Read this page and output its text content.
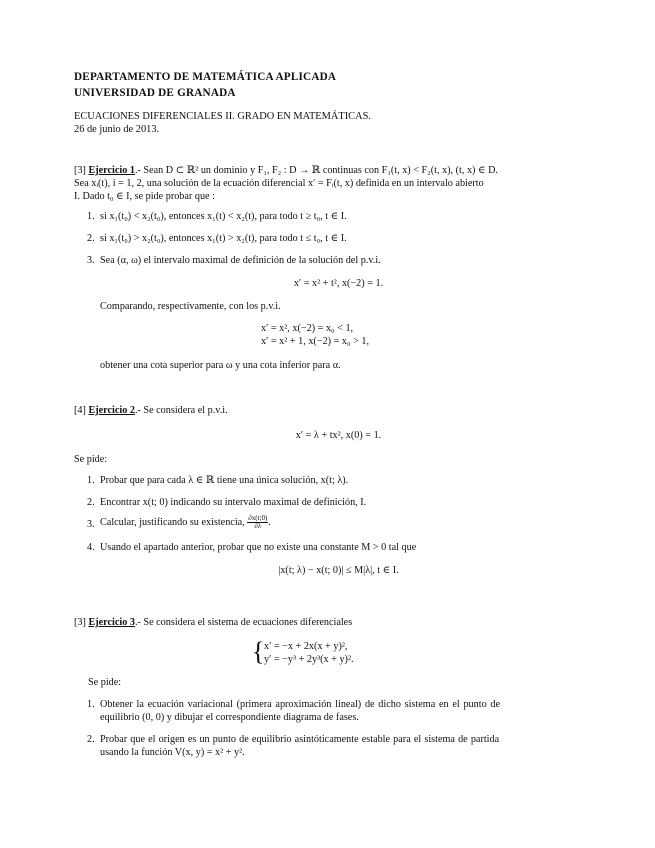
DEPARTAMENTO DE MATEMÁTICA APLICADA
UNIVERSIDAD DE GRANADA
ECUACIONES DIFERENCIALES II. GRADO EN MATEMÁTICAS.
26 de junio de 2013.
[3] Ejercicio 1.- Sean D ⊂ ℝ² un dominio y F₁, F₂ : D → ℝ continuas con F₁(t, x) < F₂(t, x), (t, x) ∈ D.
Sea xᵢ(t), i = 1, 2, una solución de la ecuación diferencial x′ = Fᵢ(t, x) definida en un intervalo abierto
I. Dado t₀ ∈ I, se pide probar que :
1. si x₁(t₀) < x₂(t₀), entonces x₁(t) < x₂(t), para todo t ≥ t₀, t ∈ I.
2. si x₁(t₀) > x₂(t₀), entonces x₁(t) > x₂(t), para todo t ≤ t₀, t ∈ I.
3. Sea (α, ω) el intervalo maximal de definición de la solución del p.v.i.
x′ = x² + t², x(−2) = 1.
Comparando, respectivamente, con los p.v.i.
x′ = x², x(−2) = x₀ < 1,
x′ = x² + 1, x(−2) = x₀ > 1,
obtener una cota superior para ω y una cota inferior para α.
[4] Ejercicio 2.- Se considera el p.v.i.
x′ = λ + tx², x(0) = 1.
Se pide:
1. Probar que para cada λ ∈ ℝ tiene una única solución, x(t; λ).
2. Encontrar x(t; 0) indicando su intervalo maximal de definición, I.
3. Calcular, justificando su existencia, $\frac{\partial x(t;0)}{\partial\lambda}$ .
4. Usando el apartado anterior, probar que no existe una constante M > 0 tal que
|x(t; λ) − x(t; 0)| ≤ M|λ|, t ∈ I.
[3] Ejercicio 3.- Se considera el sistema de ecuaciones diferenciales
{ x′ = −x + 2x(x + y)²,
y′ = −y³ + 2y³(x + y)².
Se pide:
1. Obtener la ecuación variacional (primera aproximación lineal) de dicho sistema en el punto de
equilibrio (0, 0) y dibujar el correspondiente diagrama de fases.
2. Probar que el origen es un punto de equilibrio asintóticamente estable para el sistema de partida
usando la función V(x, y) = x² + y².
